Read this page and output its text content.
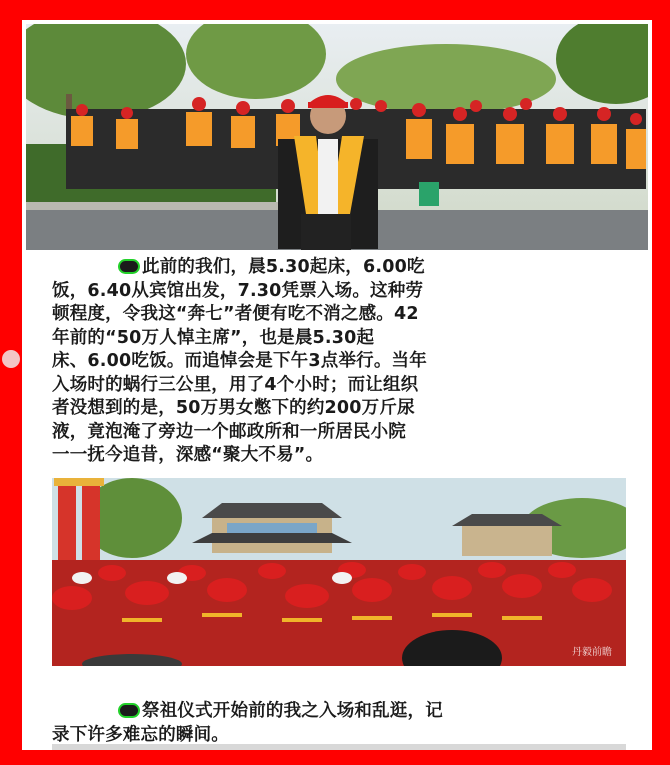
此前的我们，晨5.30起床，6.00吃
饭，6.40从宾馆出发，7.30凭票入场。这种劳
顿程度，令我这“奔七”者便有吃不消之感。42
年前的“50万人悼主席”，也是晨5.30起
床、6.00吃饭。而追悼会是下午3点举行。当年
入场时的蜗行三公里，用了4个小时；而让组织
者没想到的是，50万男女憋下的约200万斤尿
液，竟泡淹了旁边一个邮政所和一所居民小院
一一抚今追昔，深感“聚大不易”。
丹毅前瞻
祭祖仪式开始前的我之入场和乱逛，记
录下许多难忘的瞬间。
